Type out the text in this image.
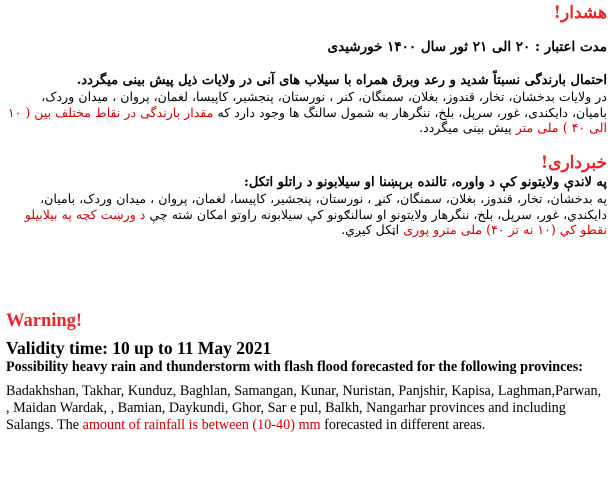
هشدار!

مدت اعتبار : ۲۰ الی ۲۱ ثور سال ۱۴۰۰ خورشیدی

احتمال بارندگی نسبتاً شدید و رعد وبرق همراه با سیلاب های آنی در ولایات ذیل پیش بینی میگردد.

در ولایات بدخشان، تخار، قندوز، بغلان، سمنگان، کنر ، نورستان، پنجشیر، کاپیسا، لغمان، پروان ، میدان وردک، بامیان، دایکندی، غور، سرپل، بلخ، ننگرهار به شمول سالنگ ها وجود دارد که مقدار بارندگی در نقاط مختلف بین ( ۱۰ الی ۴۰ ) ملی متر پیش بینی میگردد.

خبرداری!

په لاندې ولایتونو کې د واوره، تالنده برېښنا او سیلابونو د راتلو اتکل:

په بدخشان، تخار، قندوز، بغلان، سمنگان، کنړ ، نورستان، پنجشیر، کاپیسا، لغمان، پروان ، میدان وردک، بامیان، دایکندي، غور، سرپل، بلخ، ننگرهار ولایتونو او سالنګونو کې سیلابونه راوتو امکان شته چې د ورښت کچه په بیلابیلو نقطو کي (۱۰ نه تر ۴۰) ملی مترو پوری اټکل کیږي.

Warning!

Validity time: 10 up to 11 May 2021

Possibility heavy rain and thunderstorm with flash flood forecasted for the following provinces:

Badakhshan, Takhar, Kunduz, Baghlan, Samangan, Kunar, Nuristan, Panjshir, Kapisa, Laghman,Parwan, , Maidan Wardak, , Bamian, Daykundi, Ghor, Sar e pul, Balkh, Nangarhar provinces and including Salangs. The amount of rainfall is between (10-40) mm forecasted in different areas.
